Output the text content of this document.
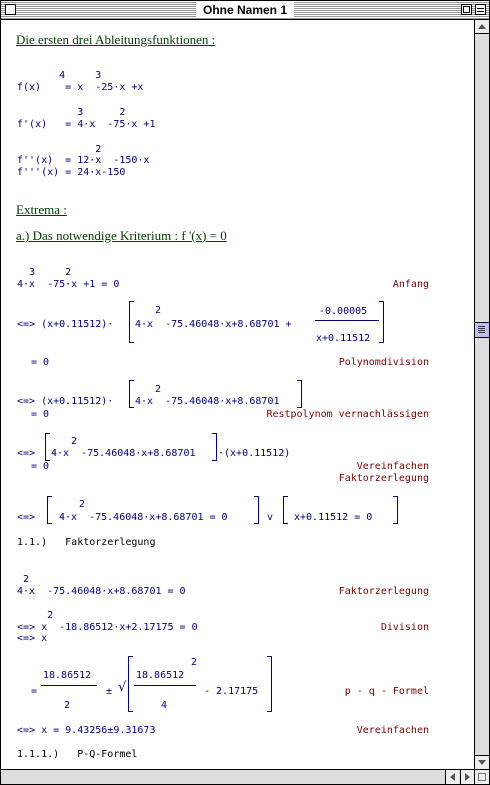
Ohne Namen 1
Die ersten drei Ableitungsfunktionen :
4     3
f(x)    = x  -25·x +x
3      2
f'(x)   = 4·x  -75·x +1
2
f''(x)  = 12·x  -150·x
f'''(x) = 24·x-150
Extrema :
a.) Das notwendige Kriterium : f '(x) = 0
3     2
4·x  -75·x +1 = 0	Anfang
<=> (x+0.11512)·
2
4·x  -75.46048·x+8.68701 +
-0.00005
x+0.11512
= 0	Polynomdivision
<=> (x+0.11512)·
2
4·x  -75.46048·x+8.68701
= 0	Restpolynom vernachlässigen
<=>
2
4·x  -75.46048·x+8.68701 ·(x+0.11512)
= 0	Vereinfachen
Faktorzerlegung
<=>
2
4·x  -75.46048·x+8.68701 = 0	v x+0.11512 = 0
1.1.)   Faktorzerlegung
2
4·x  -75.46048·x+8.68701 = 0	Faktorzerlegung
2
<=> x  -18.86512·x+2.17175 = 0
<=> x
Division
=
18.86512
2
± √
2
18.86512
4
- 2.17175	p - q - Formel
<=> x = 9.43256±9.31673	Vereinfachen
1.1.1.)   P-Q-Formel
